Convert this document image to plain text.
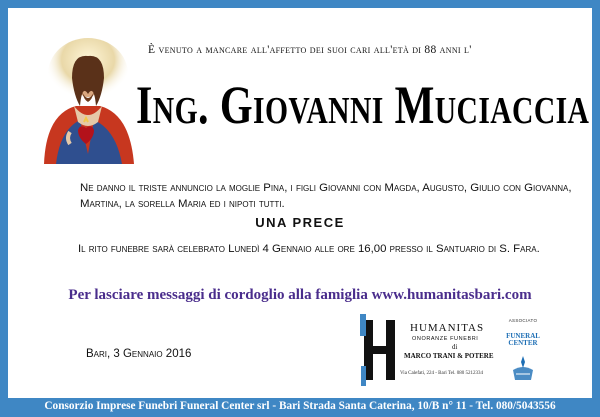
È venuto a mancare all'affetto dei suoi cari all'età di 88 anni l'
Ing. Giovanni Muciaccia
Ne danno il triste annuncio la moglie Pina, i figli Giovanni con Magda, Augusto, Giulio con Giovanna, Martina, la sorella Maria ed i nipoti tutti.
UNA PRECE
Il rito funebre sarà celebrato Lunedì 4 Gennaio alle ore 16,00 presso il Santuario di S. Fara.
Per lasciare messaggi di cordoglio alla famiglia www.humanitasbari.com
Bari, 3 Gennaio 2016
HUMANITAS
ONORANZE FUNEBRI
di
MARCO TRANI & POTERE
Via Calefati, 224 - Bari Tel. 080 5212334
ASSOCIATO
FUNERAL
CENTER
Consorzio Imprese Funebri Funeral Center srl - Bari Strada Santa Caterina, 10/B n° 11 - Tel. 080/5043556
